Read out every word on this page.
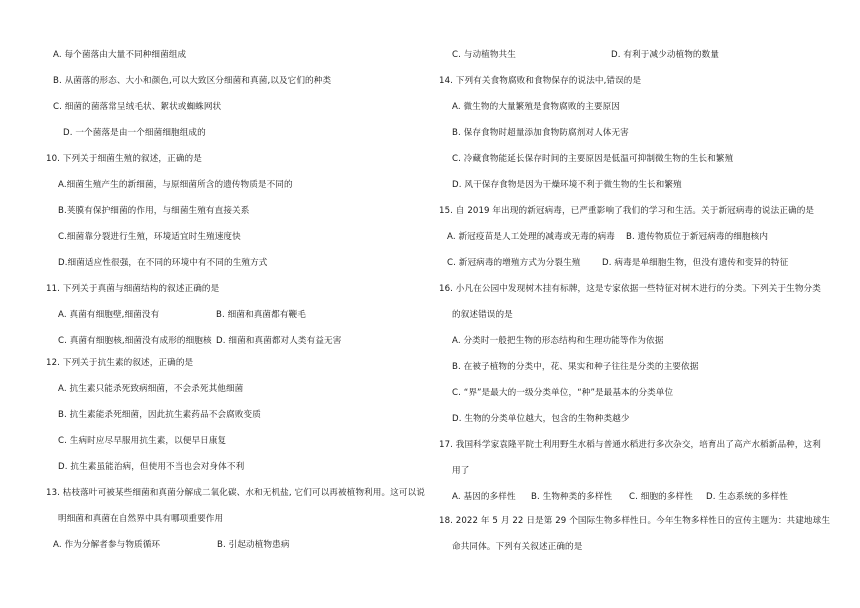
A. 每个菌落由大量不同种细菌组成
B. 从菌落的形态、大小和颜色,可以大致区分细菌和真菌,以及它们的种类
C. 细菌的菌落常呈绒毛状、絮状或蜘蛛网状
D. 一个菌落是由一个细菌细胞组成的
10. 下列关于细菌生殖的叙述，正确的是
A.细菌生殖产生的新细菌，与原细菌所含的遗传物质是不同的
B.荚膜有保护细菌的作用，与细菌生殖有直接关系
C.细菌靠分裂进行生殖，环境适宜时生殖速度快
D.细菌适应性很强，在不同的环境中有不同的生殖方式
11. 下列关于真菌与细菌结构的叙述正确的是
A. 真菌有细胞壁,细菌没有	B. 细菌和真菌都有鞭毛
C. 真菌有细胞核,细菌没有成形的细胞核 D. 细菌和真菌都对人类有益无害
12. 下列关于抗生素的叙述，正确的是
A. 抗生素只能杀死致病细菌，不会杀死其他细菌
B. 抗生素能杀死细菌，因此抗生素药品不会腐败变质
C. 生病时应尽早服用抗生素，以便早日康复
D. 抗生素虽能治病，但使用不当也会对身体不利
13. 枯枝落叶可被某些细菌和真菌分解成二氧化碳、水和无机盐, 它们可以再被植物利用。这可以说
明细菌和真菌在自然界中具有哪项重要作用
A. 作为分解者参与物质循环	B. 引起动植物患病
C. 与动植物共生	D. 有利于减少动植物的数量
14. 下列有关食物腐败和食物保存的说法中,错误的是
A. 微生物的大量繁殖是食物腐败的主要原因
B. 保存食物时超量添加食物防腐剂对人体无害
C. 冷藏食物能延长保存时间的主要原因是低温可抑制微生物的生长和繁殖
D. 风干保存食物是因为干燥环境不利于微生物的生长和繁殖
15. 自 2019 年出现的新冠病毒，已严重影响了我们的学习和生活。关于新冠病毒的说法正确的是
A. 新冠疫苗是人工处理的减毒或无毒的病毒 B. 遗传物质位于新冠病毒的细胞核内
C. 新冠病毒的增殖方式为分裂生殖	D. 病毒是单细胞生物，但没有遗传和变异的特征
16. 小凡在公园中发现树木挂有标牌，这是专家依据一些特征对树木进行的分类。下列关于生物分类
的叙述错误的是
A. 分类时一般把生物的形态结构和生理功能等作为依据
B. 在被子植物的分类中，花、果实和种子往往是分类的主要依据
C. “界”是最大的一级分类单位，“种”是最基本的分类单位
D. 生物的分类单位越大，包含的生物种类越少
17. 我国科学家袁隆平院士利用野生水稻与普通水稻进行多次杂交，培育出了高产水稻新品种，这利
用了
A. 基因的多样性 B. 生物种类的多样性 C. 细胞的多样性 D. 生态系统的多样性
18. 2022 年 5 月 22 日是第 29 个国际生物多样性日。今年生物多样性日的宣传主题为：共建地球生
命共同体。下列有关叙述正确的是
